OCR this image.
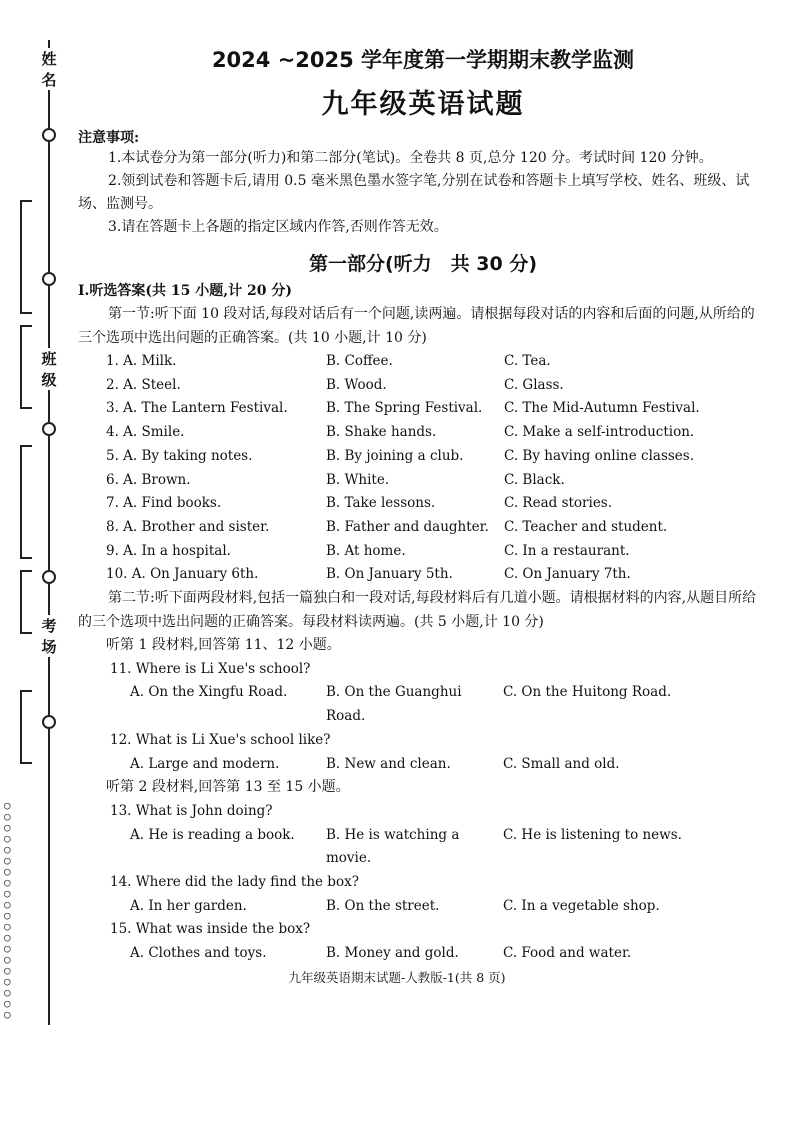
姓名
班级
考场
○
○
○
○
○
○
○
○
○
○
○
○
○
○
○
○
○
○
○
○
2024 ~2025 学年度第一学期期末教学监测
九年级英语试题
注意事项:
1.本试卷分为第一部分(听力)和第二部分(笔试)。全卷共 8 页,总分 120 分。考试时间 120 分钟。
2.领到试卷和答题卡后,请用 0.5 毫米黑色墨水签字笔,分别在试卷和答题卡上填写学校、姓名、班级、试场、监测号。
3.请在答题卡上各题的指定区域内作答,否则作答无效。
第一部分(听力　共 30 分)
Ⅰ.听选答案(共 15 小题,计 20 分)
第一节:听下面 10 段对话,每段对话后有一个问题,读两遍。请根据每段对话的内容和后面的问题,从所给的三个选项中选出问题的正确答案。(共 10 小题,计 10 分)
1. A. Milk.	B. Coffee.	C. Tea.
2. A. Steel.	B. Wood.	C. Glass.
3. A. The Lantern Festival.	B. The Spring Festival.	C. The Mid-Autumn Festival.
4. A. Smile.	B. Shake hands.	C. Make a self-introduction.
5. A. By taking notes.	B. By joining a club.	C. By having online classes.
6. A. Brown.	B. White.	C. Black.
7. A. Find books.	B. Take lessons.	C. Read stories.
8. A. Brother and sister.	B. Father and daughter.	C. Teacher and student.
9. A. In a hospital.	B. At home.	C. In a restaurant.
10. A. On January 6th.	B. On January 5th.	C. On January 7th.
第二节:听下面两段材料,包括一篇独白和一段对话,每段材料后有几道小题。请根据材料的内容,从题目所给的三个选项中选出问题的正确答案。每段材料读两遍。(共 5 小题,计 10 分)
听第 1 段材料,回答第 11、12 小题。
11. Where is Li Xue's school?
A. On the Xingfu Road.	B. On the Guanghui Road.
C. On the Huitong Road.
12. What is Li Xue's school like?
A. Large and modern.	B. New and clean.	C. Small and old.
听第 2 段材料,回答第 13 至 15 小题。
13. What is John doing?
A. He is reading a book.	B. He is watching a movie.
C. He is listening to news.
14. Where did the lady find the box?
A. In her garden.	B. On the street.	C. In a vegetable shop.
15. What was inside the box?
A. Clothes and toys.	B. Money and gold.	C. Food and water.
九年级英语期末试题-人教版-1(共 8 页)
